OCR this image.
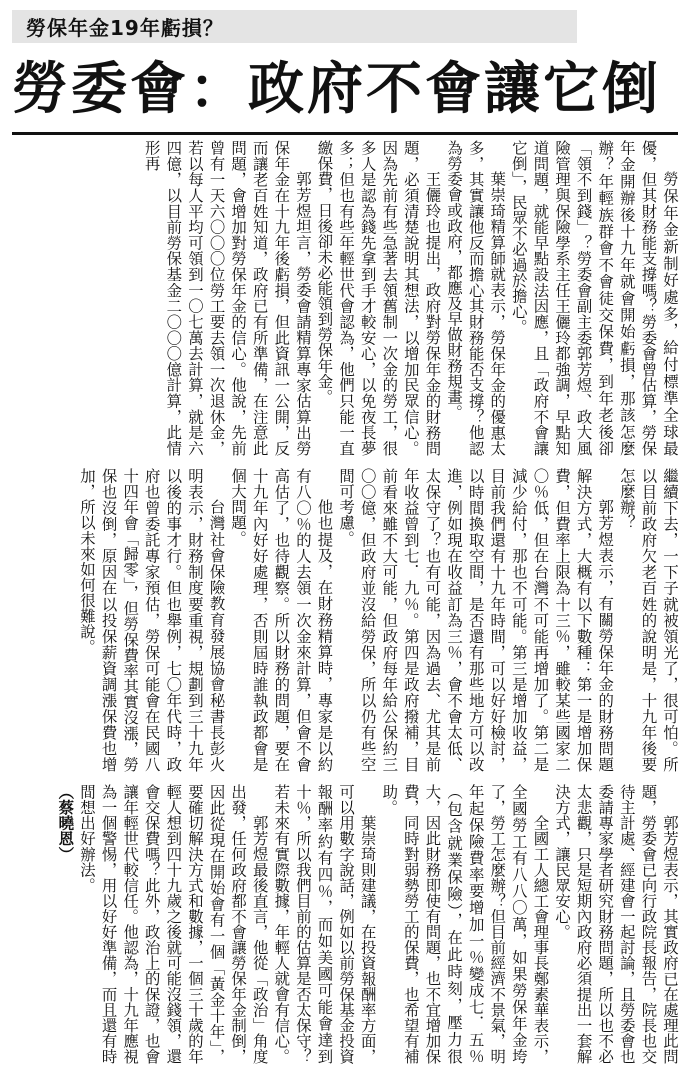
勞保年金19年虧損？
勞委會：政府不會讓它倒

勞保年金新制好處多，給付標準全球最優，但其財務能支撐嗎？勞委會曾估算，勞保年金開辦後十九年就會開始虧損，那該怎麼辦？年輕族群會不會徒交保費，到年老後卻「領不到錢」？勞委會副主委郭芳煜、政大風險管理與保險學系主任王儷玲都強調，早點知道問題，就能早點設法因應，且「政府不會讓它倒」，民眾不必過於擔心。

葉崇琦精算師就表示，勞保年金的優惠太多，其實讓他反而擔心其財務能否支撐？他認為勞委會或政府，都應及早做財務規畫。

王儷玲也提出，政府對勞保年金的財務問題，必須清楚說明其想法，以增加民眾信心。因為先前有些急著去領舊制一次金的勞工，很多人是認為錢先拿到手才較安心，以免夜長夢多；但也有些年輕世代會認為，他們只能一直繳保費，日後卻未必能領到勞保年金。

郭芳煜坦言，勞委會請精算專家估算出勞保年金在十九年後虧損，但此資訊一公開，反而讓老百姓知道，政府已有所準備，在注意此問題，會增加對勞保年金的信心。他說，先前曾有一天六〇〇〇位勞工要去領一次退休金，若以每人平均可領到一〇七萬去計算，就是六四億，以目前勞保基金二〇〇〇億計算，此情形再

繼續下去，一下子就被領光了，很可怕。所以目前政府欠老百姓的說明是，十九年後要怎麼辦？

郭芳煜表示，有關勞保年金的財務問題解決方式，大概有以下數種：第一是增加保費，但費率上限為十三％，雖較某些國家二〇％低，但在台灣不可能再增加了。第二是減少給付，那也不可能。第三是增加收益，目前我們還有十九年時間，可以好好檢討，以時間換取空間，是否還有那些地方可以改進，例如現在收益訂為三％，會不會太低、太保守了？也有可能，因為過去、尤其是前年收益曾到七．九％。第四是政府撥補，目前看來雖不大可能，但政府每年給公保約三〇〇億，但政府並沒給勞保，所以仍有些空間可考慮。

他也提及，在財務精算時，專家是以約有八〇％的人去領一次金來計算，但會不會高估了，也待觀察。所以財務的問題，要在十九年內好好處理，否則屆時誰執政都會是個大問題。

台灣社會保險教育發展協會秘書長彭火明表示，財務制度要重視，規劃到三十九年以後的事才行。但也舉例，七〇年代時，政府也曾委託專家預估，勞保可能會在民國八十四年會「歸零」，但勞保費率其實沒漲，勞保也沒倒，原因在以投保薪資調漲保費也增加，所以未來如何很難說。

郭芳煜表示，其實政府已在處理此問題，勞委會已向行政院長報告，院長也交待主計處、經建會一起討論，且勞委會也委請專家學者研究財務問題，所以也不必太悲觀，只是短期內政府必須提出一套解決方式，讓民眾安心。

全國工人總工會理事長鄭素華表示，全國勞工有八八〇萬，如果勞保年金垮了，勞工怎麼辦？但目前經濟不景氣，明年起保險費率要增加一％變成七．五％（包含就業保險），在此時刻，壓力很大，因此財務即使有問題，也不宜增加保費，同時對弱勢勞工的保費，也希望有補助。

葉崇琦則建議，在投資報酬率方面，可以用數字說話，例如以前勞保基金投資報酬率約有四％，而如美國可能會達到十％，所以我們目前的估算是否太保守？若未來有實際數據，年輕人就會有信心。

郭芳煜最後直言，他從「政治」角度出發，任何政府都不會讓勞保年金制倒，因此從現在開始會有一個「黃金十年」，要確切解決方式和數據，一個三十歲的年輕人想到四十九歲之後就可能沒錢領，還會交保費嗎？此外，政治上的保證，也會讓年輕世代較信任。他認為，十九年應視為一個警惕，用以好好準備，而且還有時間想出好辦法。

（蔡曉恩）
